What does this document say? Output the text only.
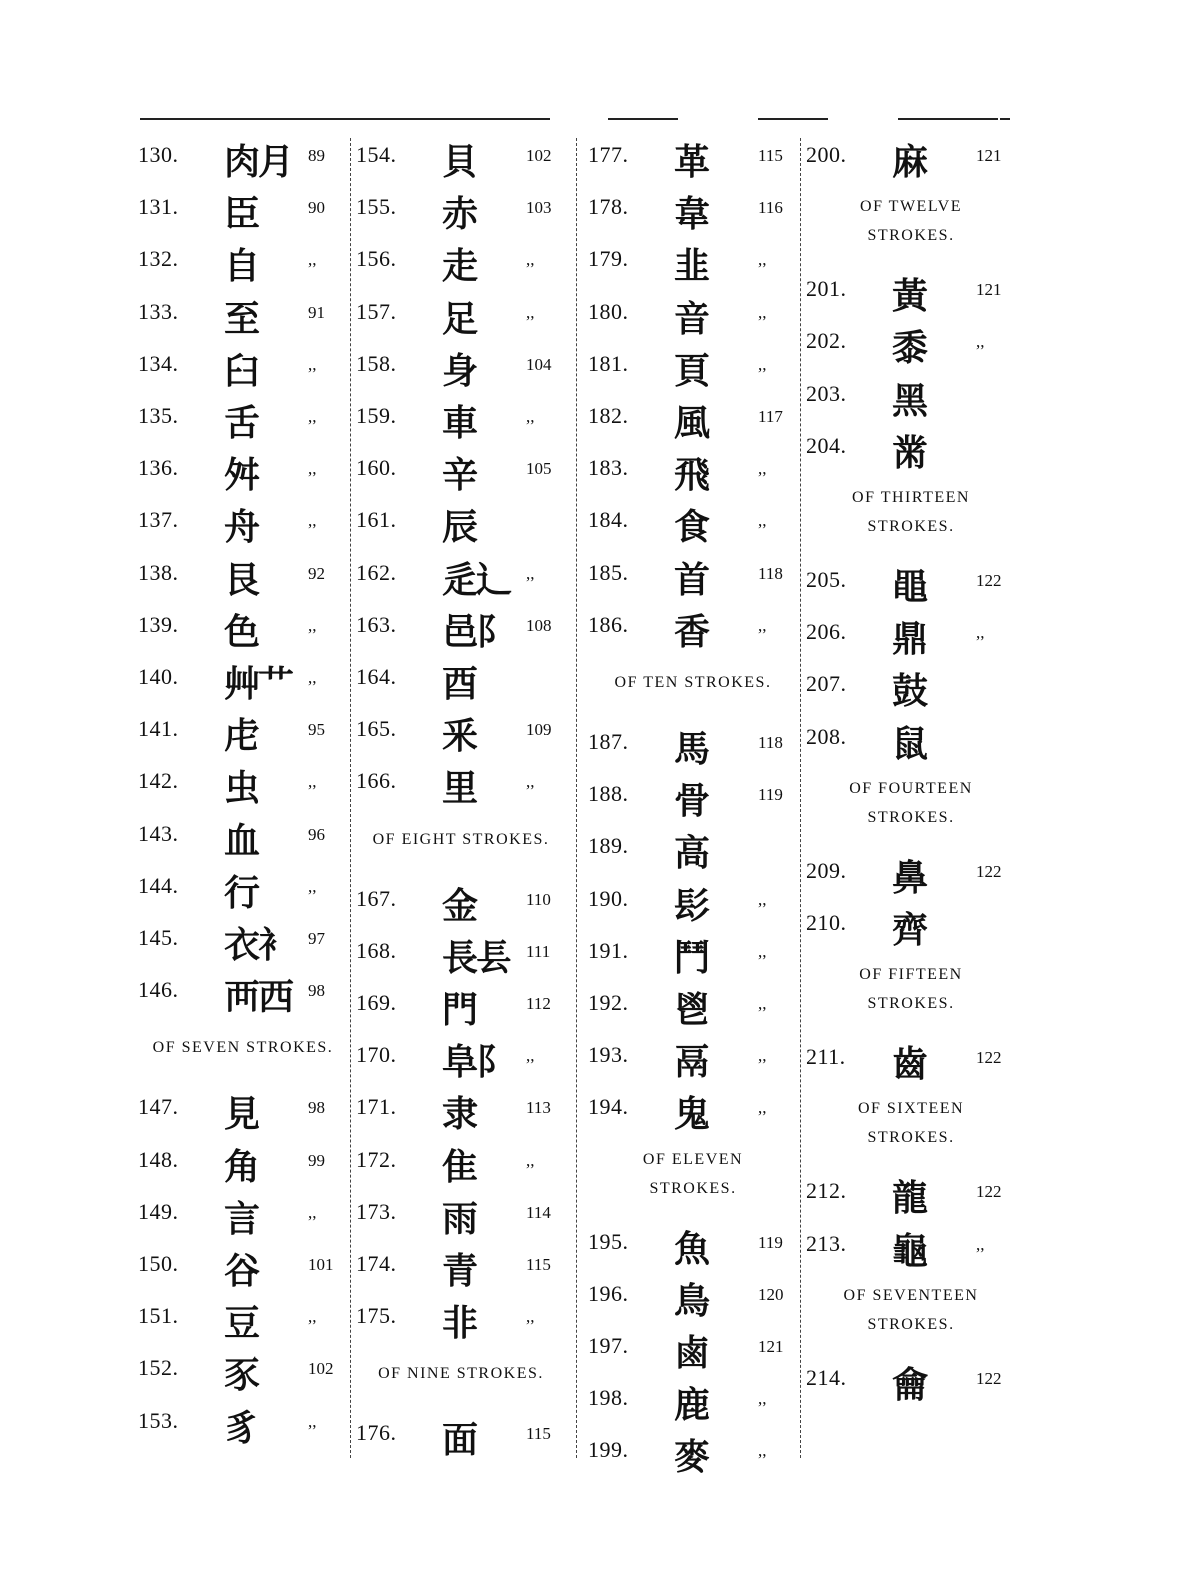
130. 肉月 89
131. 臣	90
132. 自	,,
133. 至	91
134. 臼	,,
135. 舌	,,
136. 舛	,,
137. 舟	,,
138. 艮	92
139. 色	,,
140. 艸艹 ,,
141. 虍	95
142. 虫	,,
143. 血	96
144. 行	,,
145. 衣衤 97
146. 襾西 98
OF SEVEN STROKES.
147. 見	98
148. 角	99
149. 言	,,
150. 谷	101
151. 豆	,,
152. 豕	102
153. 豸	,,
154. 貝	102
155. 赤	103
156. 走	,,
157. 足	,,
158. 身	104
159. 車	,,
160. 辛	105
161. 辰
162. 辵辶 ,,
163. 邑阝 108
164. 酉
165. 釆	109
166. 里	,,
OF EIGHT STROKES.
167. 金	110
168. 長镸 111
169. 門	112
170. 阜阝 ,,
171. 隶	113
172. 隹	,,
173. 雨	114
174. 青	115
175. 非	,,
OF NINE STROKES.
176. 面	115
177. 革	115
178. 韋	116
179. 韭	,,
180. 音	,,
181. 頁	,,
182. 風	117
183. 飛	,,
184. 食	,,
185. 首	118
186. 香	,,
OF TEN STROKES.
187. 馬	118
188. 骨	119
189. 高
190. 髟	,,
191. 鬥	,,
192. 鬯	,,
193. 鬲	,,
194. 鬼	,,
OF ELEVEN
STROKES.
195. 魚	119
196. 鳥	120
197. 鹵	121
198. 鹿	,,
199. 麥	,,
200. 麻	121
OF TWELVE
STROKES.
201. 黃	121
202. 黍	,,
203. 黑
204. 黹
OF THIRTEEN
STROKES.
205. 黽	122
206. 鼎	,,
207. 鼓
208. 鼠
OF FOURTEEN
STROKES.
209. 鼻	122
210. 齊
OF FIFTEEN
STROKES.
211. 齒	122
OF SIXTEEN
STROKES.
212. 龍	122
213. 龜	,,
OF SEVENTEEN
STROKES.
214. 龠	122
